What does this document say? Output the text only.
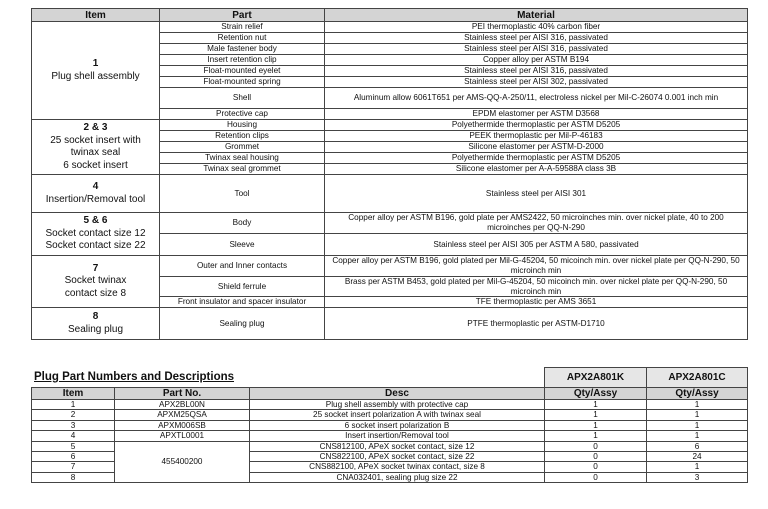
Item	Part	Material

1
Plug shell assembly	Strain relief	PEI thermoplastic 40% carbon fiber
	Retention nut	Stainless steel per AISI 316, passivated
	Male fastener body	Stainless steel per AISI 316, passivated
	Insert retention clip	Copper alloy per ASTM B194
	Float-mounted eyelet	Stainless steel per AISI 316, passivated
	Float-mounted spring	Stainless steel per AISI 302, passivated
	Shell	Aluminum allow 6061T651 per AMS-QQ-A-250/11, electroless nickel per Mil-C-26074 0.001 inch min
	Protective cap	EPDM elastomer per ASTM D3568

2 & 3
25 socket insert with
twinax seal
6 socket insert	Housing	Polyethermide thermoplastic per ASTM D5205
	Retention clips	PEEK thermoplastic per Mil-P-46183
	Grommet	Silicone elastomer per ASTM-D-2000
	Twinax seal housing	Polyethermide thermoplastic per ASTM D5205
	Twinax seal grommet	Silicone elastomer per A-A-59588A class 3B

4
Insertion/Removal tool	Tool	Stainless steel per AISI 301

5 & 6
Socket contact size 12
Socket contact size 22	Body	Copper alloy per ASTM B196, gold plate per AMS2422, 50 microinches min. over nickel plate, 40 to 200 microinches per QQ-N-290
	Sleeve	Stainless steel per AISI 305 per ASTM A 580, passivated

7
Socket twinax
contact size 8	Outer and Inner contacts	Copper alloy per ASTM B196, gold plated per Mil-G-45204, 50 micoinch min. over nickel plate per QQ-N-290, 50 microinch min
	Shield ferrule	Brass per ASTM B453, gold plated per Mil-G-45204, 50 micoinch min. over nickel plate per QQ-N-290, 50 microinch min
	Front insulator and spacer insulator	TFE thermoplastic per AMS 3651

8
Sealing plug	Sealing plug	PTFE thermoplastic per ASTM-D1710
			APX2A801K	APX2A801C
Item	Part No.	Desc	Qty/Assy	Qty/Assy
1	APX2BL00N	Plug shell assembly with protective cap	1	1
2	APXM25QSA	25 socket insert polarization A with twinax seal	1	1
3	APXM006SB	6 socket insert polarization B	1	1
4	APXTL0001	Insert insertion/Removal tool	1	1
5	455400200	CNS812100, APeX socket contact, size 12	0	6
6		CNS822100, APeX socket contact, size 22	0	24
7		CNS882100, APeX socket twinax contact, size 8	0	1
8		CNA032401, sealing plug size 22	0	3
Plug Part Numbers and Descriptions
